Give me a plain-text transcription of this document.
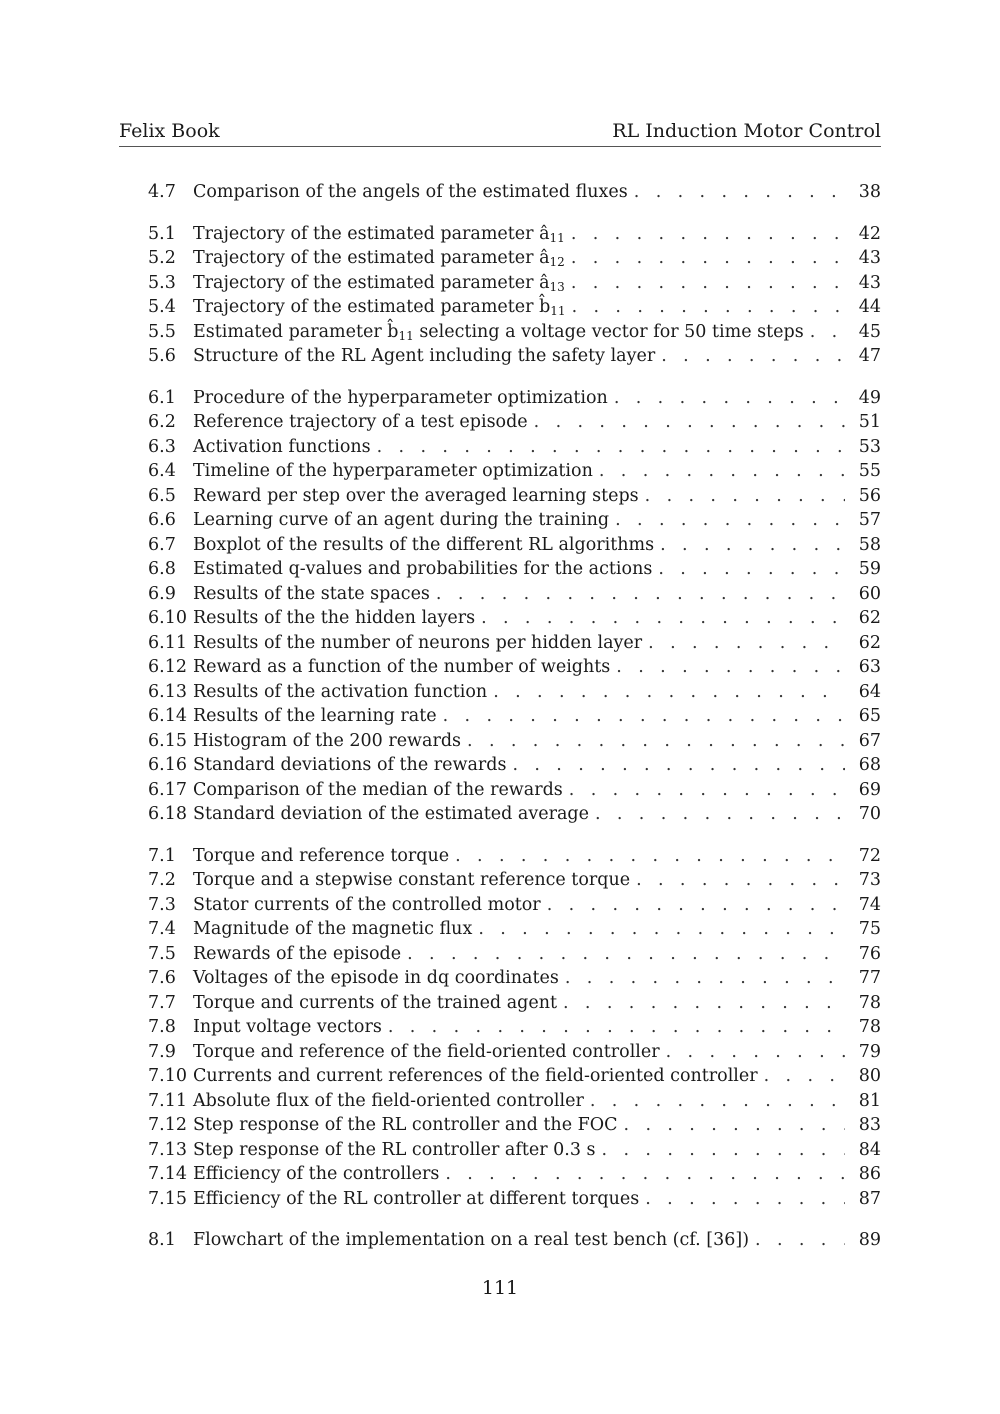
Felix Book	RL Induction Motor Control
4.7 Comparison of the angels of the estimated fluxes . . .	38
5.1 Trajectory of the estimated parameter $â_{11}$ . . .	42
5.2 Trajectory of the estimated parameter $â_{12}$ . . .	43
5.3 Trajectory of the estimated parameter $â_{13}$ . . .	43
5.4 Trajectory of the estimated parameter $b̂_{11}$ . . .	44
5.5 Estimated parameter $b̂_{11}$ selecting a voltage vector for 50 time steps . . .	45
5.6 Structure of the RL Agent including the safety layer . . .	47
6.1 Procedure of the hyperparameter optimization . . .	49
6.2 Reference trajectory of a test episode . . .	51
6.3 Activation functions . . .	53
6.4 Timeline of the hyperparameter optimization . . .	55
6.5 Reward per step over the averaged learning steps . . .	56
6.6 Learning curve of an agent during the training . . .	57
6.7 Boxplot of the results of the different RL algorithms . . .	58
6.8 Estimated q-values and probabilities for the actions . . .	59
6.9 Results of the state spaces . . .	60
6.10 Results of the the hidden layers . . .	62
6.11 Results of the number of neurons per hidden layer . . .	62
6.12 Reward as a function of the number of weights . . .	63
6.13 Results of the activation function . . .	64
6.14 Results of the learning rate . . .	65
6.15 Histogram of the 200 rewards . . .	67
6.16 Standard deviations of the rewards . . .	68
6.17 Comparison of the median of the rewards . . .	69
6.18 Standard deviation of the estimated average . . .	70
7.1 Torque and reference torque . . .	72
7.2 Torque and a stepwise constant reference torque . . .	73
7.3 Stator currents of the controlled motor . . .	74
7.4 Magnitude of the magnetic flux . . .	75
7.5 Rewards of the episode . . .	76
7.6 Voltages of the episode in dq coordinates . . .	77
7.7 Torque and currents of the trained agent . . .	78
7.8 Input voltage vectors . . .	78
7.9 Torque and reference of the field-oriented controller . . .	79
7.10 Currents and current references of the field-oriented controller . . .	80
7.11 Absolute flux of the field-oriented controller . . .	81
7.12 Step response of the RL controller and the FOC . . .	83
7.13 Step response of the RL controller after 0.3 s . . .	84
7.14 Efficiency of the controllers . . .	86
7.15 Efficiency of the RL controller at different torques . . .	87
8.1 Flowchart of the implementation on a real test bench (cf. [36]) . . .	89
111
